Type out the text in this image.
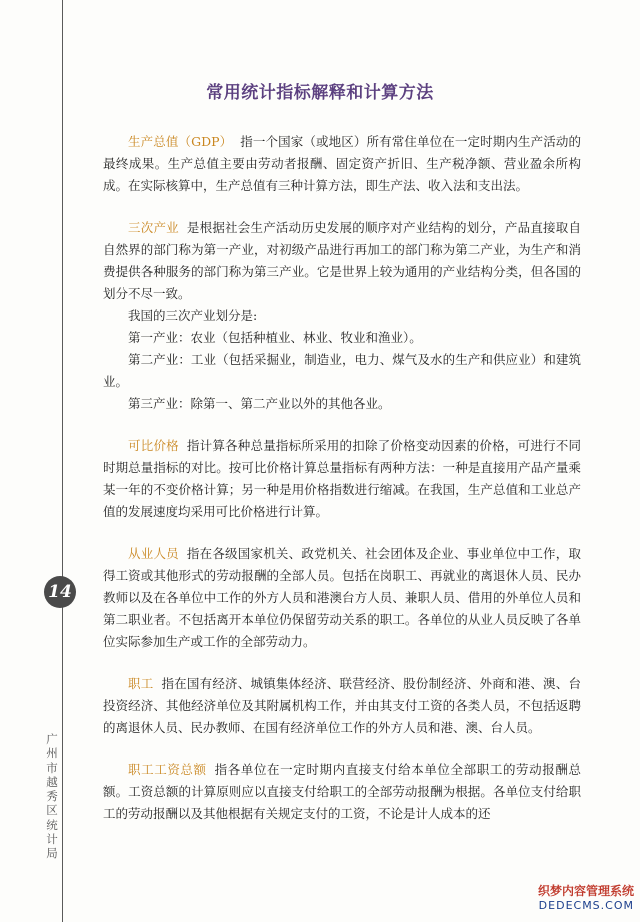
14
广州市越秀区统计局
常用统计指标解释和计算方法

生产总值（GDP） 指一个国家（或地区）所有常住单位在一定时期内生产活动的最终成果。生产总值主要由劳动者报酬、固定资产折旧、生产税净额、营业盈余所构成。在实际核算中，生产总值有三种计算方法，即生产法、收入法和支出法。

三次产业 是根据社会生产活动历史发展的顺序对产业结构的划分，产品直接取自自然界的部门称为第一产业，对初级产品进行再加工的部门称为第二产业，为生产和消费提供各种服务的部门称为第三产业。它是世界上较为通用的产业结构分类，但各国的划分不尽一致。

我国的三次产业划分是:

第一产业：农业（包括种植业、林业、牧业和渔业）。

第二产业：工业（包括采掘业，制造业，电力、煤气及水的生产和供应业）和建筑业。

第三产业：除第一、第二产业以外的其他各业。

可比价格 指计算各种总量指标所采用的扣除了价格变动因素的价格，可进行不同时期总量指标的对比。按可比价格计算总量指标有两种方法：一种是直接用产品产量乘某一年的不变价格计算；另一种是用价格指数进行缩减。在我国，生产总值和工业总产值的发展速度均采用可比价格进行计算。

从业人员 指在各级国家机关、政党机关、社会团体及企业、事业单位中工作，取得工资或其他形式的劳动报酬的全部人员。包括在岗职工、再就业的离退休人员、民办教师以及在各单位中工作的外方人员和港澳台方人员、兼职人员、借用的外单位人员和第二职业者。不包括离开本单位仍保留劳动关系的职工。各单位的从业人员反映了各单位实际参加生产或工作的全部劳动力。

职工 指在国有经济、城镇集体经济、联营经济、股份制经济、外商和港、澳、台投资经济、其他经济单位及其附属机构工作，并由其支付工资的各类人员，不包括返聘的离退休人员、民办教师、在国有经济单位工作的外方人员和港、澳、台人员。

职工工资总额 指各单位在一定时期内直接支付给本单位全部职工的劳动报酬总额。工资总额的计算原则应以直接支付给职工的全部劳动报酬为根据。各单位支付给职工的劳动报酬以及其他根据有关规定支付的工资，不论是计人成本的还

织梦内容管理系统
DEDECMS.COM
